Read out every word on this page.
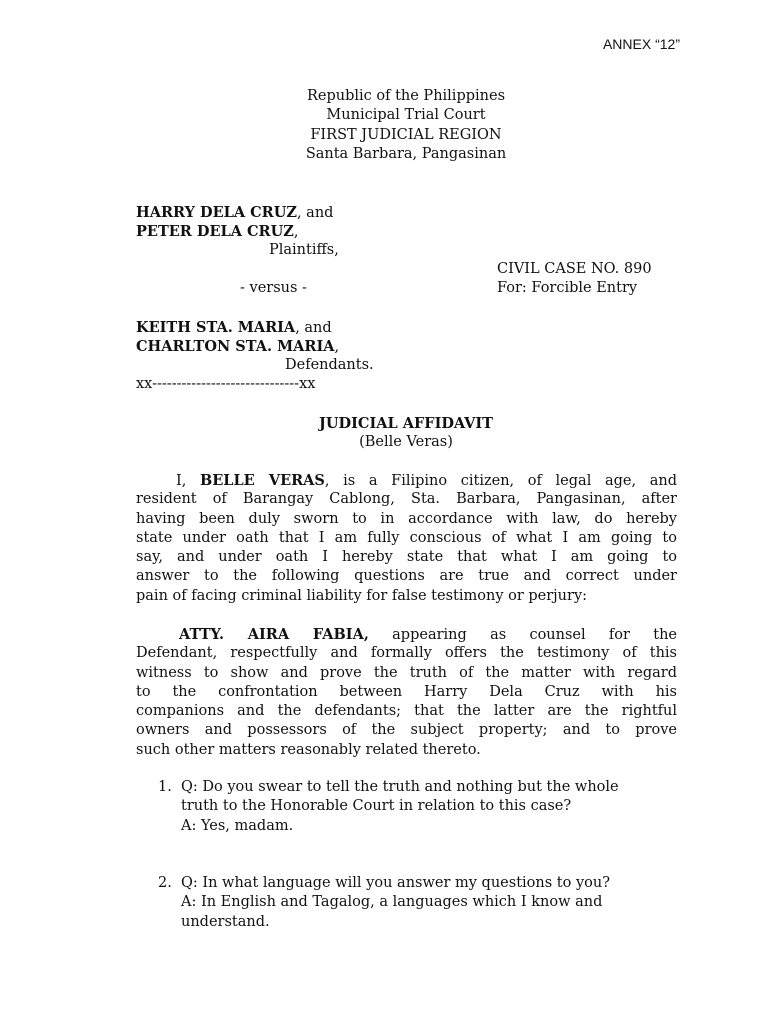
ANNEX “12”
Republic of the Philippines
Municipal Trial Court
FIRST JUDICIAL REGION
Santa Barbara, Pangasinan
HARRY DELA CRUZ, and
PETER DELA CRUZ,
Plaintiffs,
CIVIL CASE NO. 890
- versus -	For: Forcible Entry
KEITH STA. MARIA, and
CHARLTON STA. MARIA,
Defendants.
xx------------------------------xx
JUDICIAL AFFIDAVIT
(Belle Veras)
I, BELLE VERAS, is a Filipino citizen, of legal age, and
resident of Barangay Cablong, Sta. Barbara, Pangasinan, after
having been duly sworn to in accordance with law, do hereby
state under oath that I am fully conscious of what I am going to
say, and under oath I hereby state that what I am going to
answer to the following questions are true and correct under
pain of facing criminal liability for false testimony or perjury:
ATTY. AIRA FABIA, appearing as counsel for the
Defendant, respectfully and formally offers the testimony of this
witness to show and prove the truth of the matter with regard
to the confrontation between Harry Dela Cruz with his
companions and the defendants; that the latter are the rightful
owners and possessors of the subject property; and to prove
such other matters reasonably related thereto.
1. Q: Do you swear to tell the truth and nothing but the whole
truth to the Honorable Court in relation to this case?
A: Yes, madam.
2. Q: In what language will you answer my questions to you?
A: In English and Tagalog, a languages which I know and
understand.
